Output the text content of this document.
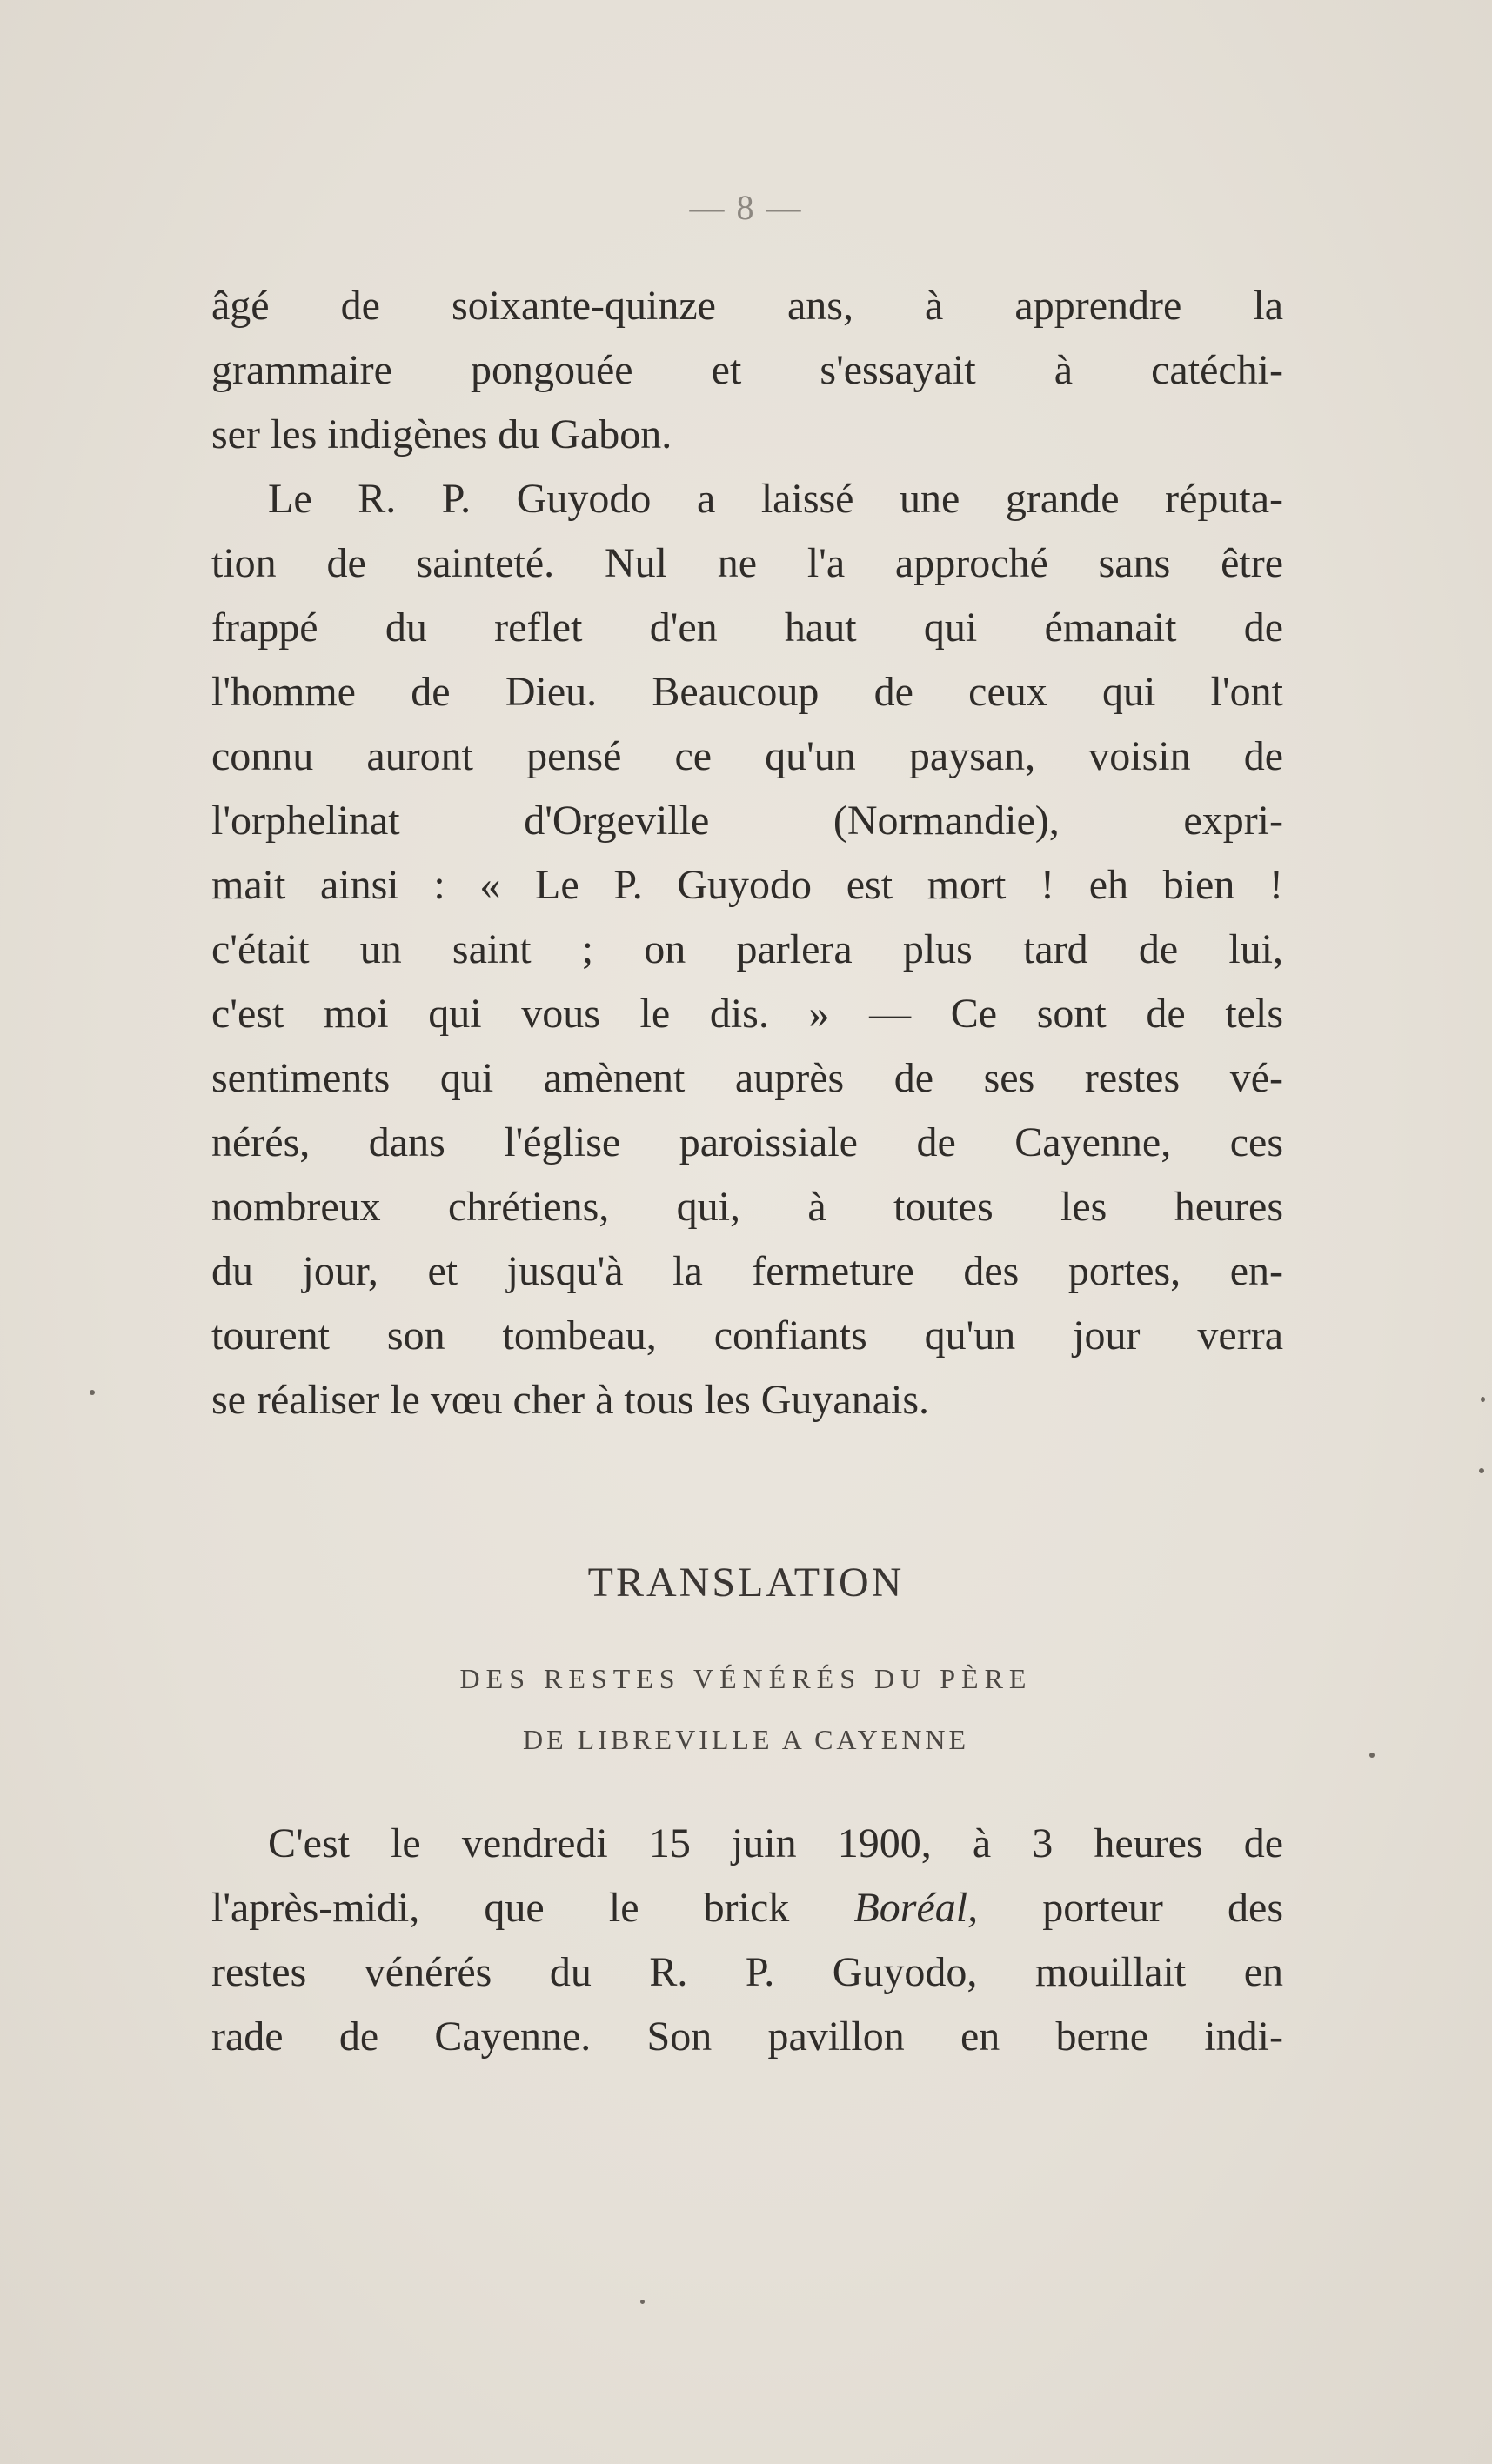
— 8 —
âgé de soixante-quinze ans, à apprendre la
grammaire pongouée et s'essayait à catéchi-
ser les indigènes du Gabon.
Le R. P. Guyodo a laissé une grande réputa-
tion de sainteté. Nul ne l'a approché sans être
frappé du reflet d'en haut qui émanait de
l'homme de Dieu. Beaucoup de ceux qui l'ont
connu auront pensé ce qu'un paysan, voisin de
l'orphelinat d'Orgeville (Normandie), expri-
mait ainsi : « Le P. Guyodo est mort ! eh bien !
c'était un saint ; on parlera plus tard de lui,
c'est moi qui vous le dis. » — Ce sont de tels
sentiments qui amènent auprès de ses restes vé-
nérés, dans l'église paroissiale de Cayenne, ces
nombreux chrétiens, qui, à toutes les heures
du jour, et jusqu'à la fermeture des portes, en-
tourent son tombeau, confiants qu'un jour verra
se réaliser le vœu cher à tous les Guyanais.
TRANSLATION
DES RESTES VÉNÉRÉS DU PÈRE
DE LIBREVILLE A CAYENNE
C'est le vendredi 15 juin 1900, à 3 heures de
l'après-midi, que le brick Boréal, porteur des
restes vénérés du R. P. Guyodo, mouillait en
rade de Cayenne. Son pavillon en berne indi-
